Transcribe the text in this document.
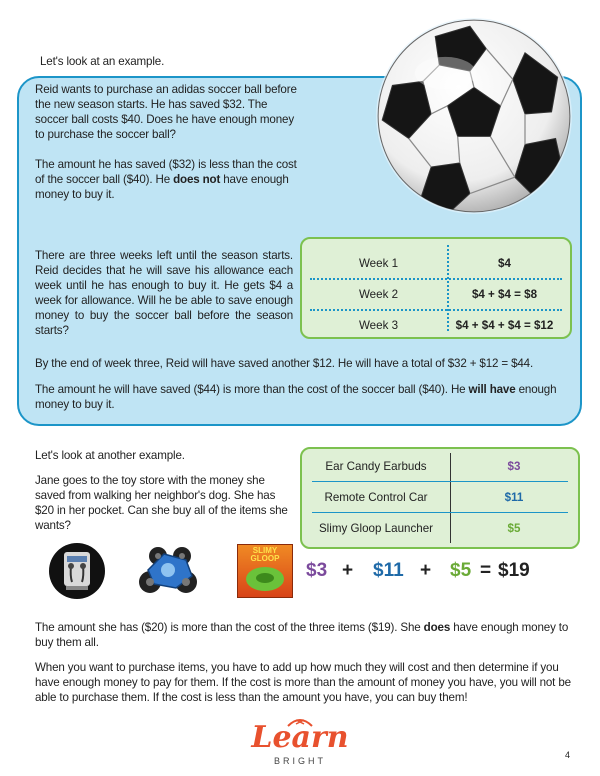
Let's look at an example.
Reid wants to purchase an adidas soccer ball before the new season starts. He has saved $32. The soccer ball costs $40. Does he have enough money to purchase the soccer ball?
The amount he has saved ($32) is less than the cost of the soccer ball ($40). He does not have enough money to buy it.
There are three weeks left until the season starts. Reid decides that he will save his allowance each week until he has enough to buy it. He gets $4 a week for allowance. Will he be able to save enough money to buy the soccer ball before the season starts?
Week 1	$4
Week 2	$4 + $4 = $8
Week 3	$4 + $4 + $4 = $12
By the end of week three, Reid will have saved another $12. He will have a total of $32 + $12 = $44.
The amount he will have saved ($44) is more than the cost of the soccer ball ($40). He will have enough money to buy it.
Let's look at another example.
Jane goes to the toy store with the money she saved from walking her neighbor's dog. She has $20 in her pocket. Can she buy all of the items she wants?
Ear Candy Earbuds	$3
Remote Control Car	$11
Slimy Gloop Launcher	$5
SLIMY GLOOP
$3 + $11 + $5 = $19
The amount she has ($20) is more than the cost of the three items ($19). She does have enough money to buy them all.
When you want to purchase items, you have to add up how much they will cost and then determine if you have enough money to pay for them. If the cost is more than the amount of money you have, you will not be able to purchase them. If the cost is less than the amount you have, you can buy them!
Learn
BRIGHT
4
